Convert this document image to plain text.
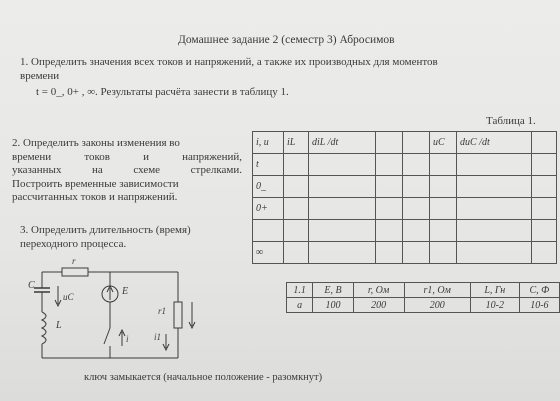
Домашнее задание 2 (семестр 3) Абросимов
1. Определить значения всех токов и напряжений, а также их производных для моментов
времени
t = 0_, 0+ , ∞. Результаты расчёта занести в таблицу 1.
Таблица 1.
2. Определить законы изменения во
времени токов и напряжений,
указанных на схеме стрелками.
Построить временные зависимости
рассчитанных токов и напряжений.
3. Определить длительность (время)
переходного процесса.
i, u	iL	diL /dt			uC	duC /dt	
t							
0_							
0+							

∞							
1.1	E, В	r, Ом	r1, Ом	L, Гн	C, Ф
а	100	200	200	10-2	10-6
C
uC
r
E
L
r1
i1
i
ключ замыкается (начальное положение - разомкнут)
